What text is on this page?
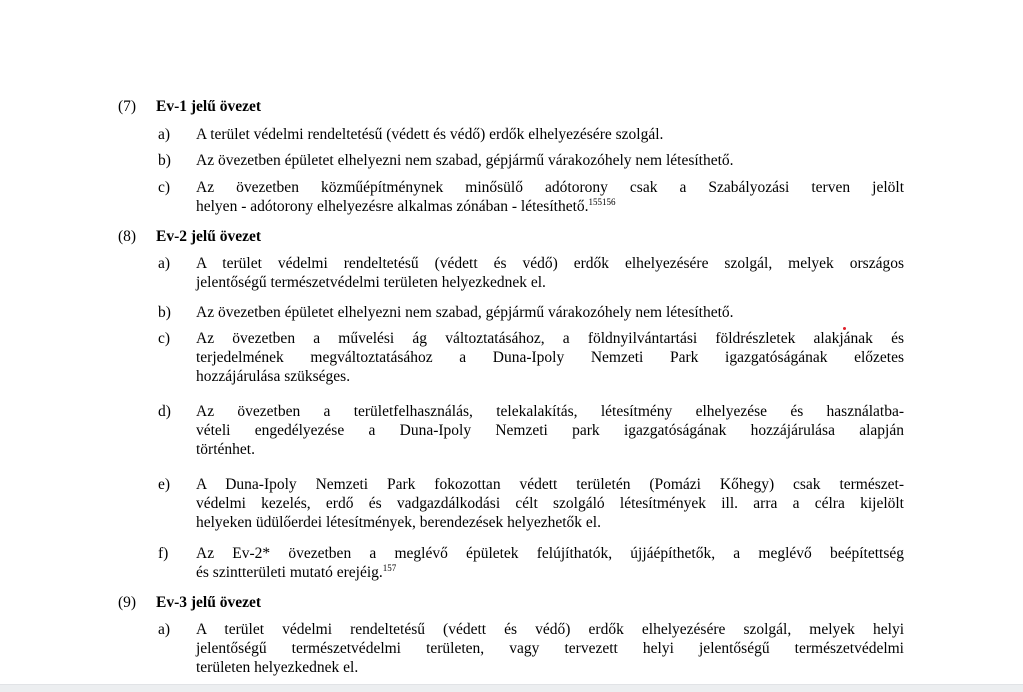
(7) Ev-1 jelű övezet
a)	A terület védelmi rendeltetésű (védett és védő) erdők elhelyezésére szolgál.
b)	Az övezetben épületet elhelyezni nem szabad, gépjármű várakozóhely nem létesíthető.
c)	Az övezetben közműépítménynek minősülő adótorony csak a Szabályozási terven jelölt
helyen - adótorony elhelyezésre alkalmas zónában - létesíthető.$^{155156}$
(8) Ev-2 jelű övezet
a)	A terület védelmi rendeltetésű (védett és védő) erdők elhelyezésére szolgál, melyek országos
jelentőségű természetvédelmi területen helyezkednek el.
b)	Az övezetben épületet elhelyezni nem szabad, gépjármű várakozóhely nem létesíthető.
c)	Az övezetben a művelési ág változtatásához, a földnyilvántartási földrészletek alakjának és
terjedelmének megváltoztatásához a Duna-Ipoly Nemzeti Park igazgatóságának előzetes
hozzájárulása szükséges.
d)	Az övezetben a területfelhasználás, telekalakítás, létesítmény elhelyezése és használatba-
vételi engedélyezése a Duna-Ipoly Nemzeti park igazgatóságának hozzájárulása alapján
történhet.
e)	A Duna-Ipoly Nemzeti Park fokozottan védett területén (Pomázi Kőhegy) csak természet-
védelmi kezelés, erdő és vadgazdálkodási célt szolgáló létesítmények ill. arra a célra kijelölt
helyeken üdülőerdei létesítmények, berendezések helyezhetők el.
f)	Az Ev-2* övezetben a meglévő épületek felújíthatók, újjáépíthetők, a meglévő beépítettség
és szintterületi mutató erejéig.$^{157}$
(9) Ev-3 jelű övezet
a)	A terület védelmi rendeltetésű (védett és védő) erdők elhelyezésére szolgál, melyek helyi
jelentőségű természetvédelmi területen, vagy tervezett helyi jelentőségű természetvédelmi
területen helyezkednek el.
